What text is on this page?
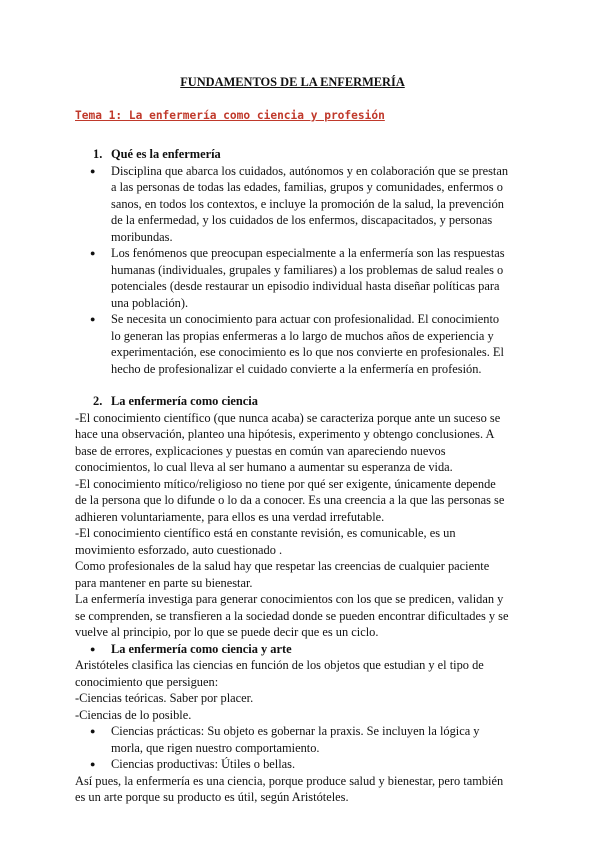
FUNDAMENTOS DE LA ENFERMERÍA
Tema 1: La enfermería como ciencia y profesión
1. Qué es la enfermería
● Disciplina que abarca los cuidados, autónomos y en colaboración que se prestan a las personas de todas las edades, familias, grupos y comunidades, enfermos o sanos, en todos los contextos, e incluye la promoción de la salud, la prevención de la enfermedad, y los cuidados de los enfermos, discapacitados, y personas moribundas.
● Los fenómenos que preocupan especialmente a la enfermería son las respuestas humanas (individuales, grupales y familiares) a los problemas de salud reales o potenciales (desde restaurar un episodio individual hasta diseñar políticas para una población).
● Se necesita un conocimiento para actuar con profesionalidad. El conocimiento lo generan las propias enfermeras a lo largo de muchos años de experiencia y experimentación, ese conocimiento es lo que nos convierte en profesionales. El hecho de profesionalizar el cuidado convierte a la enfermería en profesión.
2. La enfermería como ciencia

-El conocimiento científico (que nunca acaba) se caracteriza porque ante un suceso se hace una observación, planteo una hipótesis, experimento y obtengo conclusiones. A base de errores, explicaciones y puestas en común van apareciendo nuevos conocimientos, lo cual lleva al ser humano a aumentar su esperanza de vida.

-El conocimiento mítico/religioso no tiene por qué ser exigente, únicamente depende de la persona que lo difunde o lo da a conocer. Es una creencia a la que las personas se adhieren voluntariamente, para ellos es una verdad irrefutable.

-El conocimiento científico está en constante revisión, es comunicable, es un movimiento esforzado, auto cuestionado .

Como profesionales de la salud hay que respetar las creencias de cualquier paciente para mantener en parte su bienestar.

La enfermería investiga para generar conocimientos con los que se predicen, validan y se comprenden, se transfieren a la sociedad donde se pueden encontrar dificultades y se vuelve al principio, por lo que se puede decir que es un ciclo.

● La enfermería como ciencia y arte

Aristóteles clasifica las ciencias en función de los objetos que estudian y el tipo de conocimiento que persiguen:

-Ciencias teóricas. Saber por placer.

-Ciencias de lo posible.

● Ciencias prácticas: Su objeto es gobernar la praxis. Se incluyen la lógica y morla, que rigen nuestro comportamiento.
● Ciencias productivas: Útiles o bellas.

Así pues, la enfermería es una ciencia, porque produce salud y bienestar, pero también es un arte porque su producto es útil, según Aristóteles.
